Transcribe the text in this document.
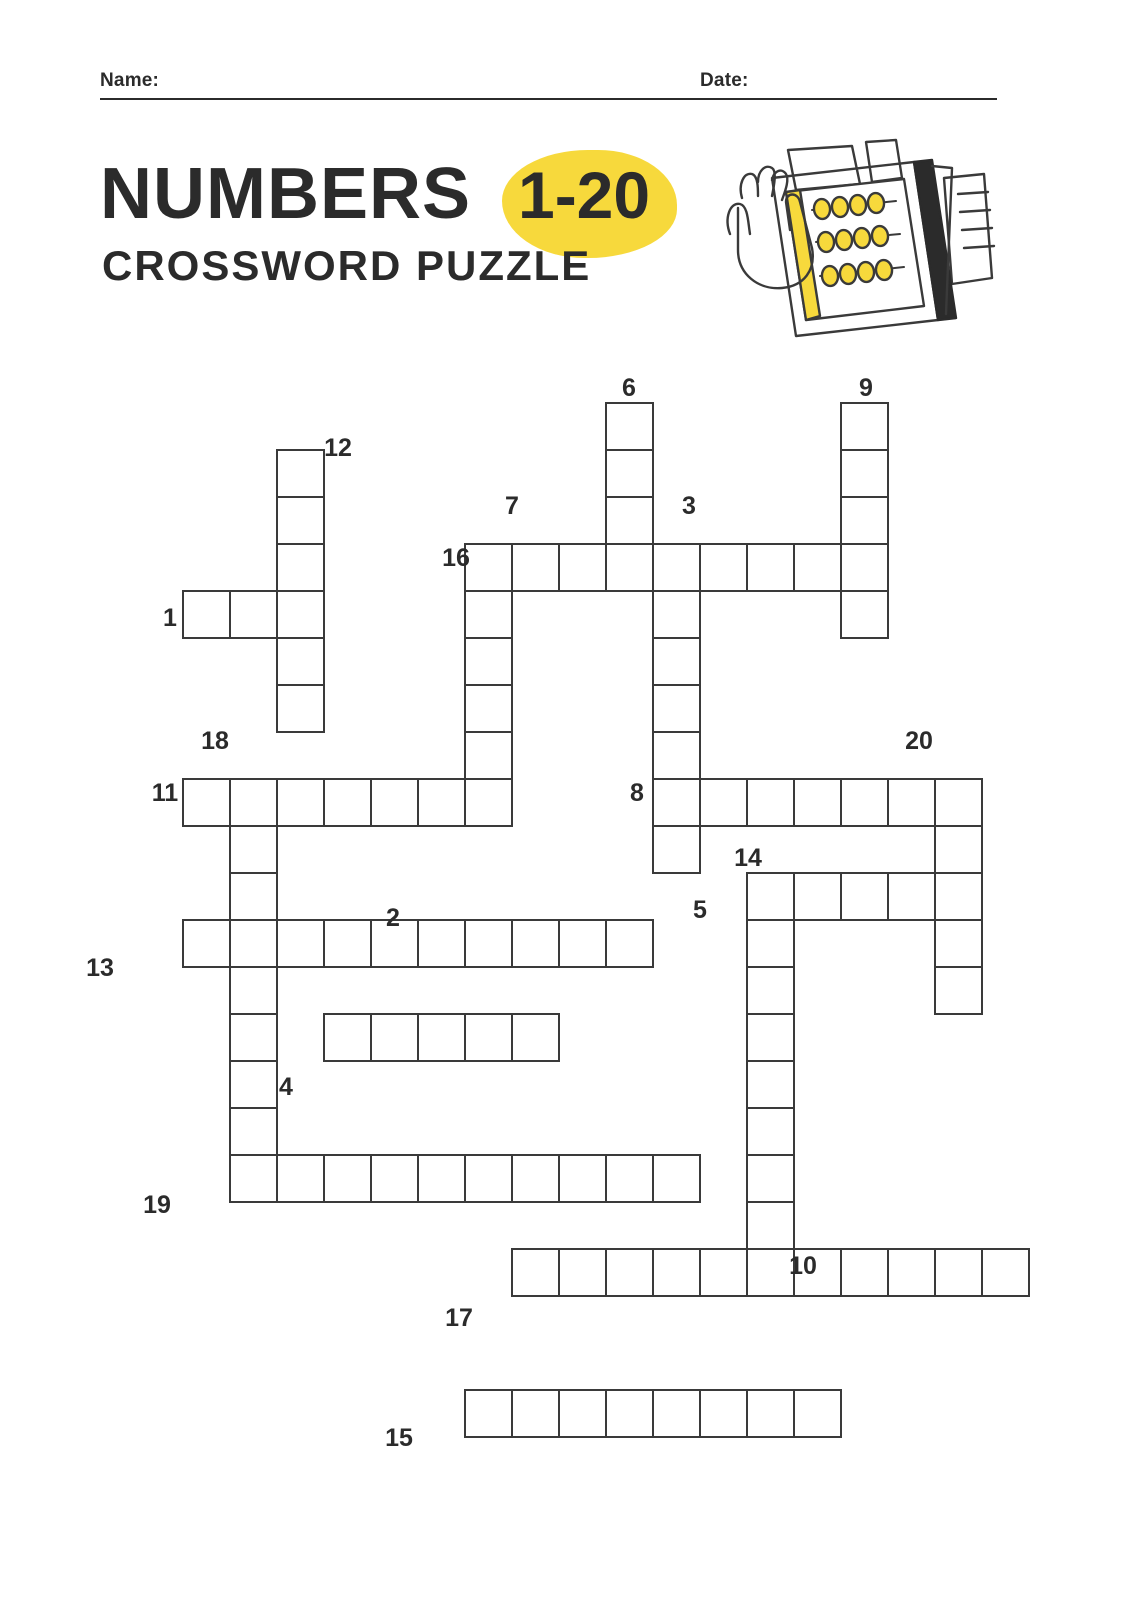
Name:	Date:
NUMBERS 1-20
CROSSWORD PUZZLE
12
6	9
7	3
16
1
18
11
20
8
14
5
2
13
4
19
10
17
15
